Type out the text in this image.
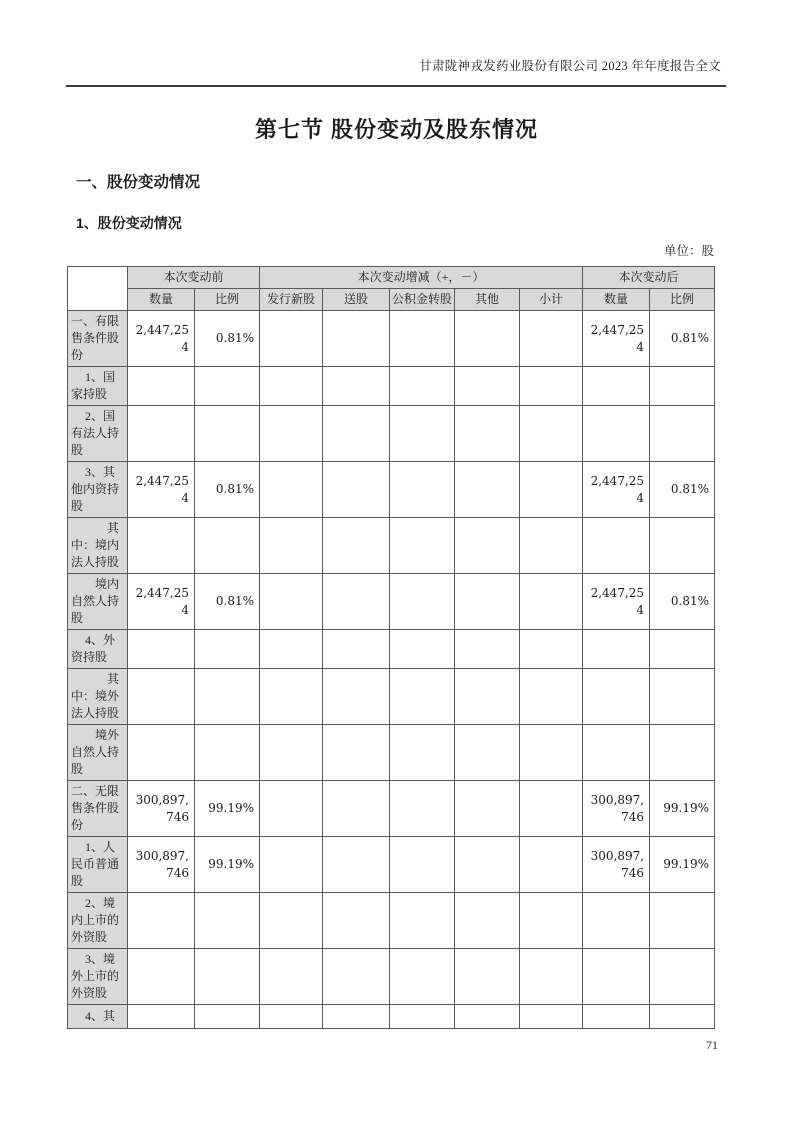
甘肃陇神戎发药业股份有限公司 2023 年年度报告全文
第七节 股份变动及股东情况
一、股份变动情况
1、股份变动情况
单位：股
	本次变动前		本次变动增减（+，－）					本次变动后	
	数量	比例	发行新股	送股	公积金转股	其他	小计	数量	比例
一、有限售条件股份	2,447,254	0.81%						2,447,254	0.81%
1、国家持股									
2、国有法人持股									
3、其他内资持股	2,447,254	0.81%						2,447,254	0.81%
其中：境内法人持股									
境内自然人持股	2,447,254	0.81%						2,447,254	0.81%
4、外资持股									
其中：境外法人持股									
境外自然人持股									
二、无限售条件股份	300,897,746	99.19%						300,897,746	99.19%
1、人民币普通股	300,897,746	99.19%						300,897,746	99.19%
2、境内上市的外资股									
3、境外上市的外资股									
4、其									
71
